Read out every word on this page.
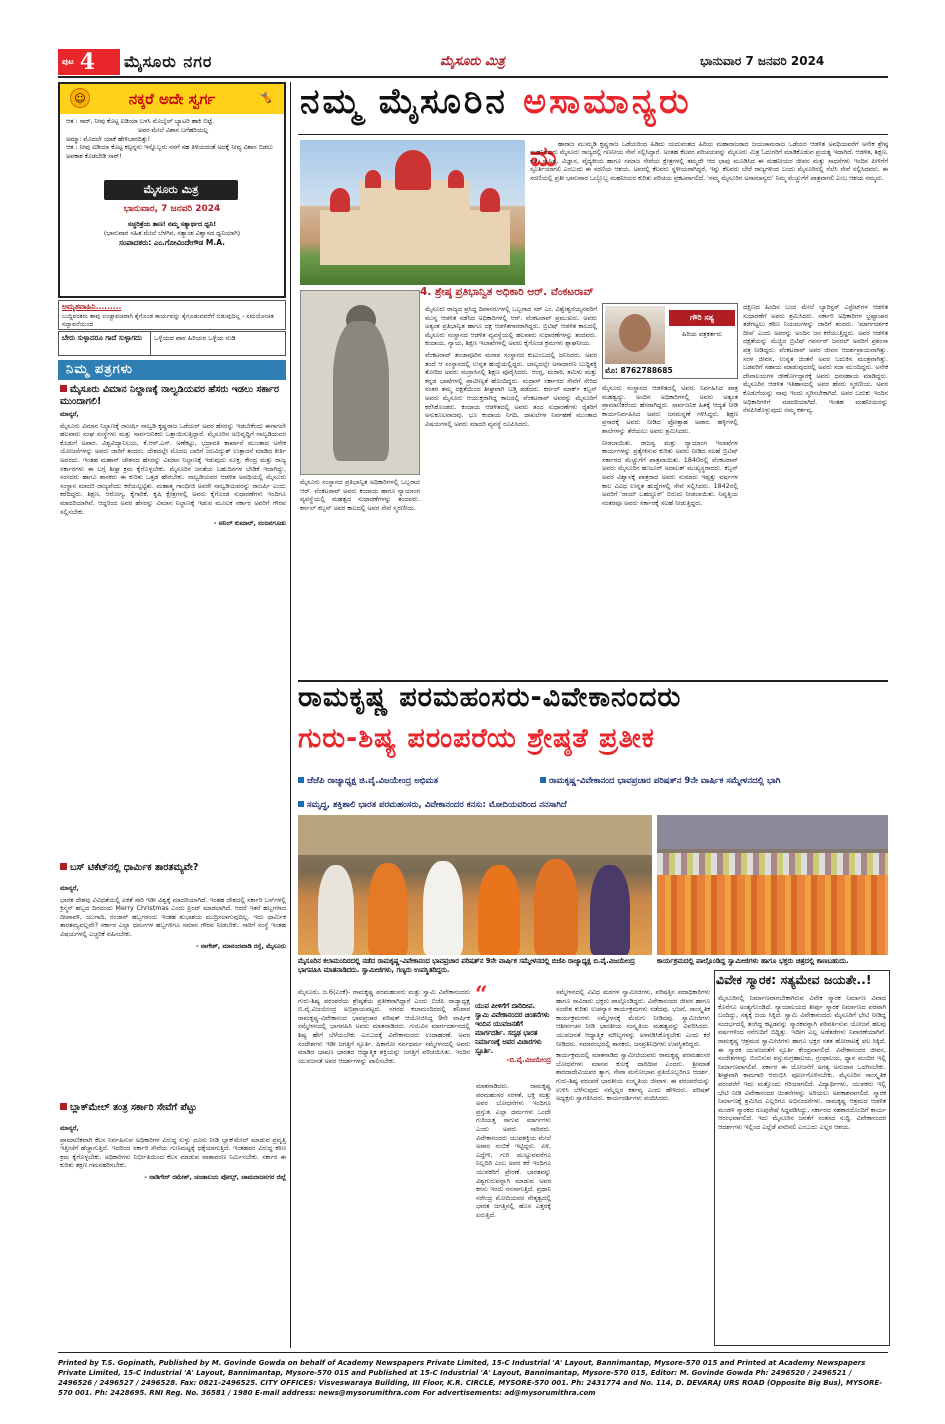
ಪುಟ 4 ಮೈಸೂರು ನಗರ	ಮೈಸೂರು ಮಿತ್ರ	ಭಾನುವಾರ 7 ಜನವರಿ 2024
ನಕ್ಕರೆ ಅದೇ ಸ್ವರ್ಗ
☺	🤸
ಆತ : ಸಾರ್, ನೀವು ಕೊಟ್ಟ ಐಡಿಯಾ ಬಳಸಿ ಮೊಬೈಲ್ ಬ್ಯಾಟರಿ ಹಾಕಿ ಬಿಟ್ಟೆ.
ಅವರ ಮೇಲೆ ವಿಶಾಸ ಬಗೆಹರಿಯಲ್ಲ
ಅಮ್ಮಾ: ಮೊದಲೇ ಯಾಕೆ ಹೇಳಿಬಾರದಿತ್ತು!
ಆತ : ನೀವು ಐಡಿಯಾ ಕೊಟ್ಟ ಕಲ್ಪನ್ನನು ಇನ್ನೊಬ್ಬರು ನನಗೆ ಸಹ ತಿಳಿಯದಂತೆ ಅದಕ್ಕೆ ನೀವ್ಯ ವಿಶಾಸ ಬಿಡಲು ಅವಕಾಶ ಕೊಡಬೇಡಿ ಸಾರ್!
ಮೈಸೂರು ಮಿತ್ರ
ಭಾನುವಾರ, 7 ಜನವರಿ 2024
ಸಚ್ಚರಿತ್ರೆಯ ತಾಣ! ನಮ್ಮ ಸತ್ಯಾರ್ಥದ ಧ್ವನಿ!
(ಭಾನುವಾರ ಸಹಿತ ಮೇಲೆ ಬೆಳಗಿನ, ಸತ್ಯಾಂಶ ವಿಶ್ವಾಸದ ಧ್ವನಿಯಾಗಿ)
ಸಂಪಾದಕರು: ಎಂ.ಗೋವಿಂದೇಗೌಡ M.A.
ಅಮೃತವಾಹಿನಿ.........
ಬುದ್ದಿವಂತರು ತಾವು ಉಚ್ಚಾವಚವಾಗಿ ಕೈಗೊಂಡ ಕಾರ್ಯವನ್ನು ಕೈಗೂಡುವವರೆಗೆ ಬಿಡುವುದಿಲ್ಲ - ಸಮಯೋಚಿತ ಸದ್ಭಾವನೆಯಿಂದ
ಬೇರು ಸುಳ್ಳಾದರೂ ಗಾದೆ ಸುಳ್ಳಾಗದು	ಒಳ್ಳೆಯದ ಪಾಠ ಹಿರಿಯರ ಒಳ್ಳೆಯ ನುಡಿ
ನಿಮ್ಮ ಪತ್ರಗಳು
ಮೈಸೂರು ವಿಮಾನ ನಿಲ್ದಾಣಕ್ಕೆ ನಾಲ್ವಡಿಯವರ ಹೆಸರು ಇಡಲು ಸರ್ಕಾರ ಮುಂದಾಗಲಿ!

ಮಾನ್ಯರೆ,

ಮೈಸೂರು ವಿಮಾನ ನಿಲ್ದಾಣಕ್ಕೆ ರಾಜರ್ಷಿ ನಾಲ್ವಡಿ ಕೃಷ್ಣರಾಜ ಒಡೆಯರ್ ಅವರ ಹೆಸರನ್ನು ಇಡಬೇಕೆಂದು ಈಗಾಗಲೇ ಹಲವಾರು ಸಂಘ ಸಂಸ್ಥೆಗಳು ಮತ್ತು ಸಾರ್ವಜನಿಕರು ಒತ್ತಾಯಿಸುತ್ತಿದ್ದಾರೆ. ಮೈಸೂರಿನ ಅಭಿವೃದ್ಧಿಗೆ ನಾಲ್ವಡಿಯವರ ಕೊಡುಗೆ ಅಪಾರ. ವಿಶ್ವವಿದ್ಯಾನಿಲಯ, ಕೆ.ಆರ್.ಎಸ್. ಅಣೆಕಟ್ಟು, ಭದ್ರಾವತಿ ಕಾರ್ಖಾನೆ ಮುಂತಾದ ಅನೇಕ ಯೋಜನೆಗಳನ್ನು ಅವರು ಜಾರಿಗೆ ತಂದರು. ದೇಶದಲ್ಲೇ ಮೊದಲ ಬಾರಿಗೆ ಜಲವಿದ್ಯುತ್ ಉತ್ಪಾದನೆ ಮಾಡಿದ ಕೀರ್ತಿ ಅವರದು. ಇಂತಹ ಮಹಾನ್ ಚೇತನದ ಹೆಸರನ್ನು ವಿಮಾನ ನಿಲ್ದಾಣಕ್ಕೆ ಇಡುವುದು ಸೂಕ್ತ. ಕೇಂದ್ರ ಮತ್ತು ರಾಜ್ಯ ಸರ್ಕಾರಗಳು ಈ ಬಗ್ಗೆ ಶೀಘ್ರ ಕ್ರಮ ಕೈಗೊಳ್ಳಬೇಕು. ಮೈಸೂರಿನ ಜನತೆಯ ಬಹುದಿನಗಳ ಬೇಡಿಕೆ ಇದಾಗಿದ್ದು, ಸಂಸದರು ಹಾಗೂ ಶಾಸಕರು ಈ ಕುರಿತು ಒತ್ತಡ ಹೇರಬೇಕು. ನಾಲ್ವಡಿಯವರ ಆಡಳಿತ ಅವಧಿಯಲ್ಲಿ ಮೈಸೂರು ಸಂಸ್ಥಾನ ಮಾದರಿ ರಾಜ್ಯವೆಂದು ಕರೆಯಲ್ಪಟ್ಟಿತು. ಮಹಾತ್ಮ ಗಾಂಧೀಜಿ ಅವರೇ ನಾಲ್ವಡಿಯವರನ್ನು ರಾಜರ್ಷಿ ಎಂದು ಕರೆದಿದ್ದರು. ಶಿಕ್ಷಣ, ಆರೋಗ್ಯ, ಕೈಗಾರಿಕೆ, ಕೃಷಿ ಕ್ಷೇತ್ರಗಳಲ್ಲಿ ಅವರು ಕೈಗೊಂಡ ಸುಧಾರಣೆಗಳು ಇಂದಿಗೂ ಮಾದರಿಯಾಗಿವೆ. ಆದ್ದರಿಂದ ಅವರ ಹೆಸರನ್ನು ವಿಮಾನ ನಿಲ್ದಾಣಕ್ಕೆ ಇಡುವ ಮೂಲಕ ಸರ್ಕಾರ ಅವರಿಗೆ ಗೌರವ ಸಲ್ಲಿಸಬೇಕು.

- ಅನಿಲ್ ಕುಮಾರ್, ನಂಜನಗೂಡು

ಬಸ್ ಟಿಕೆಟ್‌ನಲ್ಲಿ ಧಾರ್ಮಿಕ ತಾರತಮ್ಯವೇ?

ಮಾನ್ಯರೆ,

ಭಾರತ ದೇಶವು ವಿವಿಧತೆಯಲ್ಲಿ ಏಕತೆ ಸಾರಿ ಇಡೀ ವಿಶ್ವಕ್ಕೆ ಮಾದರಿಯಾಗಿದೆ. ಇಂತಹ ದೇಶದಲ್ಲಿ ಸರ್ಕಾರಿ ಬಸ್‌ಗಳಲ್ಲಿ ಕ್ರಿಸ್ಮಸ್ ಹಬ್ಬದ ದಿನದಂದು Merry Christmas ಎಂದು ಪ್ರಿಂಟ್ ಮಾಡಲಾಗಿದೆ. ಆದರೆ ಇತರೆ ಹಬ್ಬಗಳಾದ ದೀಪಾವಳಿ, ಯುಗಾದಿ, ರಂಜಾನ್ ಹಬ್ಬಗಳಂದು ಇಂತಹ ಶುಭಾಶಯ ಮುದ್ರಿಸಲಾಗುವುದಿಲ್ಲ. ಇದು ಧಾರ್ಮಿಕ ತಾರತಮ್ಯವಲ್ಲವೇ? ಸರ್ಕಾರ ಎಲ್ಲಾ ಧರ್ಮಗಳ ಹಬ್ಬಗಳಿಗೂ ಸಮಾನ ಗೌರವ ನೀಡಬೇಕು. ಸಾರಿಗೆ ಸಂಸ್ಥೆ ಇಂತಹ ವಿಷಯಗಳಲ್ಲಿ ಎಚ್ಚರಿಕೆ ವಹಿಸಬೇಕು.

- ನಾಗೇಶ್, ಮಾನಂದವಾಡಿ ರಸ್ತೆ, ಮೈಸೂರು

ಬ್ಲಾಕ್‌ಮೇಲ್ ತಂತ್ರ ಸರ್ಕಾರಿ ಸೇವೆಗೆ ಪೆಟ್ಟು

ಮಾನ್ಯರೆ,

ಪ್ರಾಮಾಣಿಕವಾಗಿ ಕೆಲಸ ನಿರ್ವಹಿಸುವ ಅಧಿಕಾರಿಗಳ ವಿರುದ್ಧ ಸುಳ್ಳು ದೂರು ನೀಡಿ ಬ್ಲಾಕ್‌ಮೇಲ್ ಮಾಡುವ ಪ್ರವೃತ್ತಿ ಇತ್ತೀಚೆಗೆ ಹೆಚ್ಚಾಗುತ್ತಿದೆ. ಇದರಿಂದ ಸರ್ಕಾರಿ ಸೇವೆಯ ಗುಣಮಟ್ಟಕ್ಕೆ ಧಕ್ಕೆಯಾಗುತ್ತಿದೆ. ಇಂತಹವರ ವಿರುದ್ಧ ಕಠಿಣ ಕ್ರಮ ಕೈಗೊಳ್ಳಬೇಕು. ಅಧಿಕಾರಿಗಳು ನಿರ್ಭೀತಿಯಿಂದ ಕೆಲಸ ಮಾಡುವ ವಾತಾವರಣ ನಿರ್ಮಿಸಬೇಕು. ಸರ್ಕಾರ ಈ ಕುರಿತು ತಕ್ಷಣ ಗಮನಹರಿಸಬೇಕು.

- ನಾಡಿಗೇರ್ ರಮೇಶ್, ಚಂಡಾಲಯ ಪೋಲ್ಸ್, ಚಾಮರಾಜನಗರ ಜಿಲ್ಲೆ

ನಮ್ಮ ಮೈಸೂರಿನ ಅಸಾಮಾನ್ಯರು
ಮ ಹಾರಾಜ ಮುಮ್ಮಡಿ ಕೃಷ್ಣರಾಜ ಒಡೆಯರಿಂದ ಹಿಡಿದು ಯದುವಂಶದ ಹಿರಿಯ ಮಹಾರಾಜರಾದ ಜಯಚಾಮರಾಜ ಒಡೆಯರ ಆಡಳಿತ ಅವಧಿಯವರೆಗೆ ಅನೇಕ ಶ್ರೇಷ್ಠ ಮಹನೀಯರು ಮೈಸೂರು ರಾಜ್ಯದಲ್ಲಿ ಗಣನೀಯ ಸೇವೆ ಸಲ್ಲಿಸಿದ್ದಾರೆ. ಅಂತಹ ಕೆಲವರ ಪರಿಚಯವನ್ನು ಮೈಸೂರು ಮಿತ್ರ ಓದುಗರಿಗೆ ಮಾಡಿಕೊಡುವ ಪ್ರಯತ್ನ ಇದಾಗಿದೆ. ಆಡಳಿತ, ಶಿಕ್ಷಣ, ಕಲೆ, ಸಾಹಿತ್ಯ, ವಿಜ್ಞಾನ, ವೈದ್ಯಕೀಯ ಹಾಗೂ ಸಮಾಜ ಸೇವೆಯ ಕ್ಷೇತ್ರಗಳಲ್ಲಿ ತಮ್ಮದೇ ಆದ ಛಾಪು ಮೂಡಿಸಿದ ಈ ಮಹನೀಯರ ಜೀವನ ಮತ್ತು ಸಾಧನೆಗಳು ಇಂದಿನ ಪೀಳಿಗೆಗೆ ಸ್ಫೂರ್ತಿಯಾಗಲಿ ಎಂಬುದು ಈ ಸರಣಿಯ ಆಶಯ. ಅವರಲ್ಲಿ ಕೆಲವರು ಸ್ಥಳೀಯರಾಗಿದ್ದರೆ, ಇನ್ನು ಕೆಲವರು ಬೇರೆ ರಾಜ್ಯಗಳಿಂದ ಬಂದು ಮೈಸೂರಿನಲ್ಲಿ ನೆಲೆಸಿ ಸೇವೆ ಸಲ್ಲಿಸಿದವರು. ಈ ಸರಣಿಯಲ್ಲಿ ಪ್ರತೀ ಭಾನುವಾರ ಒಬ್ಬೊಬ್ಬ ಮಹನೀಯರ ಕುರಿತು ಪರಿಚಯ ಪ್ರಕಟವಾಗಲಿದೆ. 'ನಮ್ಮ ಮೈಸೂರಿನ ಅಸಾಮಾನ್ಯರು' ನಿಮ್ಮ ಮೆಚ್ಚುಗೆಗೆ ಪಾತ್ರವಾಗಲಿ ಎಂಬ ಆಶಯ ನಮ್ಮದು.
4. ಶ್ರೇಷ್ಠ ಪ್ರತಿಭಾನ್ವಿತ ಅಧಿಕಾರಿ ಆರ್. ವೆಂಕಟರಾವ್
ಮೈಸೂರು ಸಂಸ್ಥಾನದ ಪ್ರತಿಭಾನ್ವಿತ ಅಧಿಕಾರಿಗಳಲ್ಲಿ ಒಬ್ಬರಾದ ಆರ್. ವೆಂಕಟರಾವ್ ಅವರು ಕಂದಾಯ ಹಾಗೂ ನ್ಯಾಯಾಂಗ ವ್ಯವಸ್ಥೆಯಲ್ಲಿ ಮಹತ್ವದ ಸುಧಾರಣೆಗಳನ್ನು ತಂದವರು. ಕರ್ನಲ್ ಕಬ್ಬನ್ ಅವರ ಕಾಲದಲ್ಲಿ ಅವರ ಸೇವೆ ಸ್ಮರಣೀಯ.

ಮೈಸೂರು ರಾಜ್ಯದ ಪ್ರಸಿದ್ಧ ದಿವಾನರುಗಳಲ್ಲಿ ಒಬ್ಬರಾದ ಸರ್ ಎಂ. ವಿಶ್ವೇಶ್ವರಯ್ಯನವರಿಗೆ ಮುನ್ನ ಆಡಳಿತ ನಡೆಸಿದ ಅಧಿಕಾರಿಗಳಲ್ಲಿ ಆರ್. ವೆಂಕಟರಾವ್ ಪ್ರಮುಖರು. ಅವರು ಅತ್ಯಂತ ಪ್ರತಿಭಾನ್ವಿತ ಹಾಗೂ ದಕ್ಷ ಆಡಳಿತಗಾರರಾಗಿದ್ದರು. ಬ್ರಿಟಿಷ್ ಆಡಳಿತ ಕಾಲದಲ್ಲಿ ಮೈಸೂರು ಸಂಸ್ಥಾನದ ಆಡಳಿತ ವ್ಯವಸ್ಥೆಯಲ್ಲಿ ಹಲವಾರು ಸುಧಾರಣೆಗಳನ್ನು ತಂದವರು. ಕಂದಾಯ, ನ್ಯಾಯ, ಶಿಕ್ಷಣ ಇಲಾಖೆಗಳಲ್ಲಿ ಅವರು ಕೈಗೊಂಡ ಕ್ರಮಗಳು ಶ್ಲಾಘನೀಯ.

ವೆಂಕಟರಾವ್ ತಂಜಾವೂರಿನ ಮರಾಠ ಸಂಸ್ಥಾನದ ಕುಟುಂಬದಲ್ಲಿ ಜನಿಸಿದರು. ಅವರ ತಂದೆ ಆ ಸಂಸ್ಥಾನದಲ್ಲಿ ಉನ್ನತ ಹುದ್ದೆಯಲ್ಲಿದ್ದರು. ಬಾಲ್ಯದಲ್ಲೇ ಅಸಾಧಾರಣ ಬುದ್ಧಿಶಕ್ತಿ ತೋರಿದ ಅವರು ಮದ್ರಾಸಿನಲ್ಲಿ ಶಿಕ್ಷಣ ಪೂರೈಸಿದರು. ಆಂಗ್ಲ, ಮರಾಠಿ, ತಮಿಳು ಮತ್ತು ಕನ್ನಡ ಭಾಷೆಗಳಲ್ಲಿ ಪ್ರಾವೀಣ್ಯತೆ ಹೊಂದಿದ್ದರು. ಮದ್ರಾಸ್ ಸರ್ಕಾರದ ಸೇವೆಗೆ ಸೇರಿದ ನಂತರ ತಮ್ಮ ದಕ್ಷತೆಯಿಂದ ಶೀಘ್ರವಾಗಿ ಬಡ್ತಿ ಪಡೆದರು. ಕರ್ನಲ್ ಮಾರ್ಕ್ ಕಬ್ಬನ್ ಅವರು ಮೈಸೂರು ಆಯುಕ್ತರಾಗಿದ್ದ ಕಾಲದಲ್ಲಿ ವೆಂಕಟರಾವ್ ಅವರನ್ನು ಮೈಸೂರಿಗೆ ಕರೆಸಿಕೊಂಡರು. ಕಂದಾಯ ಆಡಳಿತದಲ್ಲಿ ಅವರು ತಂದ ಸುಧಾರಣೆಗಳು ರೈತರಿಗೆ ಅನುಕೂಲವಾದವು. ಭೂ ಕಂದಾಯ ನಿಗದಿ, ದಾಖಲೆಗಳ ನಿರ್ವಹಣೆ ಮುಂತಾದ ವಿಷಯಗಳಲ್ಲಿ ಅವರು ಮಾದರಿ ವ್ಯವಸ್ಥೆ ರೂಪಿಸಿದರು.

ಗೌರಿ ಸತ್ಯ
ಹಿರಿಯ ಪತ್ರಕರ್ತರು
ಮೊ: 8762788685

ಮೈಸೂರು ಸಂಸ್ಥಾನದ ಆಡಳಿತದಲ್ಲಿ ಅವರು ನಿರ್ವಹಿಸಿದ ಪಾತ್ರ ಮಹತ್ವದ್ದು. ಅಂದಿನ ಅಧಿಕಾರಿಗಳಲ್ಲಿ ಅವರು ಅತ್ಯಂತ ಪ್ರಾಮಾಣಿಕರೆಂದು ಹೆಸರಾಗಿದ್ದರು. ಸಾರ್ವಜನಿಕ ಹಿತಕ್ಕೆ ಆದ್ಯತೆ ನೀಡಿ ಕಾರ್ಯನಿರ್ವಹಿಸಿದ ಅವರು ಜನಮನ್ನಣೆ ಗಳಿಸಿದ್ದರು. ಶಿಕ್ಷಣ ಪ್ರಸಾರಕ್ಕೆ ಅವರು ನೀಡಿದ ಪ್ರೋತ್ಸಾಹ ಅಪಾರ. ಹಳ್ಳಿಗಳಲ್ಲಿ ಶಾಲೆಗಳನ್ನು ತೆರೆಯಲು ಅವರು ಶ್ರಮಿಸಿದರು.

ನೀಡಲಾಯಿತು. ರಾಜಸ್ವ ಮತ್ತು ನ್ಯಾಯಾಂಗ ಇಲಾಖೆಗಳ ಕಾರ್ಯಗಳನ್ನು ಪ್ರತ್ಯೇಕಿಸುವ ಕುರಿತು ಅವರು ನೀಡಿದ ಸಲಹೆ ಬ್ರಿಟಿಷ್ ಸರ್ಕಾರದ ಮೆಚ್ಚುಗೆಗೆ ಪಾತ್ರವಾಯಿತು. 1840ರಲ್ಲಿ ವೆಂಕಟರಾವ್ ಅವರು ಮೈಸೂರಿನ ಹುಜೂರ್ ಅದಾಲತ್ ಮುಖ್ಯಸ್ಥರಾದರು. ಕಬ್ಬನ್ ಅವರ ವಿಶ್ವಾಸಕ್ಕೆ ಪಾತ್ರರಾದ ಅವರು ಸುಮಾರು ಇಪ್ಪತ್ತು ವರ್ಷಗಳ ಕಾಲ ವಿವಿಧ ಉನ್ನತ ಹುದ್ದೆಗಳಲ್ಲಿ ಸೇವೆ ಸಲ್ಲಿಸಿದರು. 1842ರಲ್ಲಿ ಅವರಿಗೆ 'ರಾಯ್ ಬಹದ್ದೂರ್' ಬಿರುದು ನೀಡಲಾಯಿತು. ನಿವೃತ್ತಿಯ ನಂತರವೂ ಅವರು ಸರ್ಕಾರಕ್ಕೆ ಸಲಹೆ ನೀಡುತ್ತಿದ್ದರು.

ದಕ್ಷಿಣದ ಹಿಂದಿನ ಬಂದ ಮೇಲೆ ಬ್ಯಾರಿಸ್ಟರ್ ಎಸ್ಟೇಟ್‌ಗಳ ಆಡಳಿತ ಸುಧಾರಣೆಗೆ ಅವರು ಶ್ರಮಿಸಿದರು. ಸರ್ಕಾರಿ ಅಧಿಕಾರಿಗಳ ಭ್ರಷ್ಟಾಚಾರ ತಡೆಗಟ್ಟಲು ಕಠಿಣ ನಿಯಮಗಳನ್ನು ಜಾರಿಗೆ ತಂದರು. 'ಮಾರ್ಗದರ್ಶಕ ದೀಪ' ಎಂದು ಅವರನ್ನು ಅಂದಿನ ಜನ ಕರೆಯುತ್ತಿದ್ದರು. ಅವರ ಆಡಳಿತ ದಕ್ಷತೆಯನ್ನು ಮೆಚ್ಚಿದ ಬ್ರಿಟಿಷ್ ಗವರ್ನರ್ ಜನರಲ್ ಅವರಿಗೆ ಪ್ರಶಂಸಾ ಪತ್ರ ನೀಡಿದ್ದರು. ವೆಂಕಟರಾವ್ ಅವರ ಜೀವನ ಆದರ್ಶಪ್ರಾಯವಾಗಿತ್ತು. ಸರಳ ಜೀವನ, ಉನ್ನತ ಚಿಂತನೆ ಅವರ ಬದುಕಿನ ಮಂತ್ರವಾಗಿತ್ತು. ಬಡವರಿಗೆ ಸಹಾಯ ಮಾಡುವುದರಲ್ಲಿ ಅವರು ಸದಾ ಮುಂದಿದ್ದರು. ಅನೇಕ ದೇವಾಲಯಗಳ ಜೀರ್ಣೋದ್ಧಾರಕ್ಕೆ ಅವರು ಧನಸಹಾಯ ಮಾಡಿದ್ದರು. ಮೈಸೂರಿನ ಆಡಳಿತ ಇತಿಹಾಸದಲ್ಲಿ ಅವರ ಹೆಸರು ಸ್ಮರಣೀಯ. ಅವರ ಕೊಡುಗೆಯನ್ನು ನಾವು ಇಂದು ಸ್ಮರಿಸಬೇಕಾಗಿದೆ. ಅವರ ಬದುಕು ಇಂದಿನ ಅಧಿಕಾರಿಗಳಿಗೆ ಮಾದರಿಯಾಗಿದೆ. ಇಂತಹ ಮಹನೀಯರನ್ನು ನೆನಪಿಸಿಕೊಳ್ಳುವುದು ನಮ್ಮ ಕರ್ತವ್ಯ.
ರಾಮಕೃಷ್ಣ ಪರಮಹಂಸರು-ವಿವೇಕಾನಂದರು
ಗುರು-ಶಿಷ್ಯ ಪರಂಪರೆಯ ಶ್ರೇಷ್ಠತೆ ಪ್ರತೀಕ
ಜೆಜೆಪಿ ರಾಜ್ಯಾಧ್ಯಕ್ಷ ಜಿ.ವೈ.ವಿಜಯೇಂದ್ರ ಅಭಿಮತ	ರಾಮಕೃಷ್ಣ-ವಿವೇಕಾನಂದ ಭಾವಪ್ರಚಾರ ಪರಿಷತ್‌ನ 9ನೇ ವಾರ್ಷಿಕ ಸಮ್ಮೇಳನದಲ್ಲಿ ಭಾಗಿ
ಸಮೃದ್ಧ, ಶಕ್ತಿಶಾಲಿ ಭಾರತ ಪರಮಹಂಸರು, ವಿವೇಕಾನಂದರ ಕನಸು: ಮೋದಿಯವರಿಂದ ನನಸಾಗಿದೆ
ಮೈಸೂರಿನ ಕಲಾಮಂದಿರದಲ್ಲಿ ನಡೆದ ರಾಮಕೃಷ್ಣ-ವಿವೇಕಾನಂದ ಭಾವಪ್ರಚಾರ ಪರಿಷತ್‌ನ 9ನೇ ವಾರ್ಷಿಕ ಸಮ್ಮೇಳನದಲ್ಲಿ ಬಿಜೆಪಿ ರಾಜ್ಯಾಧ್ಯಕ್ಷ ಬಿ.ವೈ.ವಿಜಯೇಂದ್ರ ಭಾಗವಹಿಸಿ ಮಾತನಾಡಿದರು. ಸ್ವಾಮೀಜಿಗಳು, ಗಣ್ಯರು ಉಪಸ್ಥಿತರಿದ್ದರು.
ಕಾರ್ಯಕ್ರಮದಲ್ಲಿ ಪಾಲ್ಗೊಂಡಿದ್ದ ಸ್ವಾಮೀಜಿಗಳು ಹಾಗೂ ಭಕ್ತರು ಚಿತ್ರದಲ್ಲಿ ಕಾಣಬಹುದು.
ಮೈಸೂರು, ಜ.6(ಎಂಕೆ)- ರಾಮಕೃಷ್ಣ ಪರಮಹಂಸರು ಮತ್ತು ಸ್ವಾಮಿ ವಿವೇಕಾನಂದರು ಗುರು-ಶಿಷ್ಯ ಪರಂಪರೆಯ ಶ್ರೇಷ್ಠತೆಯ ಪ್ರತೀಕವಾಗಿದ್ದಾರೆ ಎಂದು ಬಿಜೆಪಿ ರಾಜ್ಯಾಧ್ಯಕ್ಷ ಬಿ.ವೈ.ವಿಜಯೇಂದ್ರ ಅಭಿಪ್ರಾಯಪಟ್ಟರು. ನಗರದ ಕಲಾಮಂದಿರದಲ್ಲಿ ಶನಿವಾರ ರಾಮಕೃಷ್ಣ-ವಿವೇಕಾನಂದ ಭಾವಪ್ರಚಾರ ಪರಿಷತ್ ಆಯೋಜಿಸಿದ್ದ 9ನೇ ವಾರ್ಷಿಕ ಸಮ್ಮೇಳನದಲ್ಲಿ ಭಾಗವಹಿಸಿ ಅವರು ಮಾತನಾಡಿದರು. ಗುರುವಿನ ಮಾರ್ಗದರ್ಶನದಲ್ಲಿ ಶಿಷ್ಯ ಹೇಗೆ ಬೆಳೆಯಬೇಕು ಎಂಬುದಕ್ಕೆ ವಿವೇಕಾನಂದರು ಉದಾಹರಣೆ. ಅವರ ಸಂದೇಶಗಳು ಇಡೀ ಜಗತ್ತಿಗೆ ಸ್ಫೂರ್ತಿ. ಷಿಕಾಗೋ ಸರ್ವಧರ್ಮ ಸಮ್ಮೇಳನದಲ್ಲಿ ಅವರು ಮಾಡಿದ ಭಾಷಣ ಭಾರತದ ಆಧ್ಯಾತ್ಮಿಕ ಶಕ್ತಿಯನ್ನು ಜಗತ್ತಿಗೆ ಪರಿಚಯಿಸಿತು. ಇಂದಿನ ಯುವಜನತೆ ಅವರ ಆದರ್ಶಗಳನ್ನು ಪಾಲಿಸಬೇಕು.
“
ಯುವ ಪೀಳಿಗೆಗೆ ದಾರಿದೀಪ. ಸ್ವಾಮಿ ವಿವೇಕಾನಂದರ ಚಿಂತನೆಗಳು ಇಂದಿನ ಯುವಜನತೆಗೆ ಮಾರ್ಗದರ್ಶಿ. ಸದೃಢ ಭಾರತ ನಿರ್ಮಾಣಕ್ಕೆ ಅವರ ವಿಚಾರಗಳು ಸ್ಫೂರ್ತಿ.
-ಬಿ.ವೈ.ವಿಜಯೇಂದ್ರ
ಮಾತನಾಡಿದರು. ರಾಮಕೃಷ್ಣ ಪರಮಹಂಸರ ಸರಳತೆ, ಭಕ್ತಿ ಮತ್ತು ಅವರ ಬೋಧನೆಗಳು ಇಂದಿಗೂ ಪ್ರಸ್ತುತ. ಎಲ್ಲಾ ಧರ್ಮಗಳು ಒಂದೇ ಗುರಿಯತ್ತ ಸಾಗುವ ಮಾರ್ಗಗಳು ಎಂದು ಅವರು ಸಾರಿದರು. ವಿವೇಕಾನಂದರು ಯುವಶಕ್ತಿಯ ಮೇಲೆ ಅಪಾರ ನಂಬಿಕೆ ಇಟ್ಟಿದ್ದರು. ಏಳಿ, ಎದ್ದೇಳಿ, ಗುರಿ ಮುಟ್ಟುವವರೆಗೂ ನಿಲ್ಲದಿರಿ ಎಂಬ ಅವರ ಕರೆ ಇಂದಿಗೂ ಯುವಕರಿಗೆ ಪ್ರೇರಣೆ. ಭಾರತವನ್ನು ವಿಶ್ವಗುರುವನ್ನಾಗಿ ಮಾಡುವ ಅವರ ಕನಸು ಇಂದು ನನಸಾಗುತ್ತಿದೆ. ಪ್ರಧಾನಿ ನರೇಂದ್ರ ಮೋದಿಯವರ ನೇತೃತ್ವದಲ್ಲಿ ಭಾರತ ಜಗತ್ತಿನಲ್ಲಿ ಹೊಸ ಎತ್ತರಕ್ಕೆ ಏರುತ್ತಿದೆ.

ಸಮ್ಮೇಳನದಲ್ಲಿ ವಿವಿಧ ಮಠಗಳ ಸ್ವಾಮೀಜಿಗಳು, ಪರಿಷತ್ತಿನ ಪದಾಧಿಕಾರಿಗಳು ಹಾಗೂ ಸಾವಿರಾರು ಭಕ್ತರು ಪಾಲ್ಗೊಂಡಿದ್ದರು. ವಿವೇಕಾನಂದರ ಜೀವನ ಹಾಗೂ ಸಂದೇಶ ಕುರಿತು ಉಪನ್ಯಾಸ ಕಾರ್ಯಕ್ರಮಗಳು ನಡೆದವು. ಭಜನೆ, ಸಾಂಸ್ಕೃತಿಕ ಕಾರ್ಯಕ್ರಮಗಳು ಸಮ್ಮೇಳನಕ್ಕೆ ಮೆರುಗು ನೀಡಿದವು. ಸ್ವಾಮೀಜಿಗಳು ಆಶೀರ್ವಚನ ನೀಡಿ ಭಾರತೀಯ ಸಂಸ್ಕೃತಿಯ ಮಹತ್ವವನ್ನು ವಿವರಿಸಿದರು. ಯುವಜನತೆ ಆಧ್ಯಾತ್ಮಿಕ ಮೌಲ್ಯಗಳನ್ನು ಅಳವಡಿಸಿಕೊಳ್ಳಬೇಕು ಎಂದು ಕರೆ ನೀಡಿದರು. ಸಮಾರಂಭದಲ್ಲಿ ಶಾಸಕರು, ಜನಪ್ರತಿನಿಧಿಗಳು ಉಪಸ್ಥಿತರಿದ್ದರು.

ಕಾರ್ಯಕ್ರಮದಲ್ಲಿ ಮಾತನಾಡಿದ ಸ್ವಾಮೀಜಿಯವರು ರಾಮಕೃಷ್ಣ ಪರಮಹಂಸರ ಬೋಧನೆಗಳು ಮಾನವ ಕುಲಕ್ಕೆ ದಾರಿದೀಪ ಎಂದರು. ಶ್ರೀಮಾತೆ ಶಾರದಾದೇವಿಯವರ ತ್ಯಾಗ, ಸೇವಾ ಮನೋಭಾವ ಪ್ರತಿಯೊಬ್ಬರಿಗೂ ಆದರ್ಶ. ಗುರು-ಶಿಷ್ಯ ಪರಂಪರೆ ಭಾರತೀಯ ಸಂಸ್ಕೃತಿಯ ಜೀವಾಳ. ಈ ಪರಂಪರೆಯನ್ನು ಉಳಿಸಿ ಬೆಳೆಸುವುದು ನಮ್ಮೆಲ್ಲರ ಕರ್ತವ್ಯ ಎಂದು ಹೇಳಿದರು. ಪರಿಷತ್ ಅಧ್ಯಕ್ಷರು ಸ್ವಾಗತಿಸಿದರು. ಕಾರ್ಯದರ್ಶಿಗಳು ವಂದಿಸಿದರು.

ವಿವೇಕ ಸ್ಮಾರಕ: ಸತ್ಯಮೇವ ಜಯತೇ..!
ಮೈಸೂರಿನಲ್ಲಿ ನಿರ್ಮಾಣವಾಗಬೇಕಾಗಿರುವ ವಿವೇಕ ಸ್ಮಾರಕ ನಿರ್ಮಾಣ ವಿವಾದ ಕೊನೆಗೂ ಅಂತ್ಯಗೊಂಡಿದೆ. ನ್ಯಾಯಾಲಯದ ತೀರ್ಪು ಸ್ಮಾರಕ ನಿರ್ಮಾಣದ ಪರವಾಗಿ ಬಂದಿದ್ದು, ಸತ್ಯಕ್ಕೆ ಜಯ ಸಿಕ್ಕಿದೆ. ಸ್ವಾಮಿ ವಿವೇಕಾನಂದರು ಮೈಸೂರಿಗೆ ಭೇಟಿ ನೀಡಿದ್ದ ಸಂದರ್ಭದಲ್ಲಿ ತಂಗಿದ್ದ ಕಟ್ಟಡವನ್ನು ಸ್ಮಾರಕವನ್ನಾಗಿ ಪರಿವರ್ತಿಸುವ ಯೋಜನೆ ಹಲವು ವರ್ಷಗಳಿಂದ ನನೆಗುದಿಗೆ ಬಿದ್ದಿತ್ತು. ಇದೀಗ ಎಲ್ಲ ಅಡೆತಡೆಗಳು ನಿವಾರಣೆಯಾಗಿವೆ. ರಾಮಕೃಷ್ಣ ಆಶ್ರಮದ ಸ್ವಾಮೀಜಿಗಳು ಹಾಗೂ ಭಕ್ತರ ಸತತ ಹೋರಾಟಕ್ಕೆ ಫಲ ಸಿಕ್ಕಿದೆ. ಈ ಸ್ಮಾರಕ ಯುವಜನತೆಗೆ ಸ್ಫೂರ್ತಿ ಕೇಂದ್ರವಾಗಲಿದೆ. ವಿವೇಕಾನಂದರ ಜೀವನ, ಸಂದೇಶಗಳನ್ನು ಬಿಂಬಿಸುವ ವಸ್ತುಸಂಗ್ರಹಾಲಯ, ಗ್ರಂಥಾಲಯ, ಧ್ಯಾನ ಮಂದಿರ ಇಲ್ಲಿ ನಿರ್ಮಾಣವಾಗಲಿವೆ. ಸರ್ಕಾರ ಈ ಯೋಜನೆಗೆ ಅಗತ್ಯ ಅನುದಾನ ಒದಗಿಸಬೇಕು. ಶೀಘ್ರವಾಗಿ ಕಾಮಗಾರಿ ಆರಂಭಿಸಿ ಪೂರ್ಣಗೊಳಿಸಬೇಕು. ಮೈಸೂರಿನ ಸಾಂಸ್ಕೃತಿಕ ಪರಂಪರೆಗೆ ಇದು ಮತ್ತೊಂದು ಗರಿಯಾಗಲಿದೆ. ವಿದ್ಯಾರ್ಥಿಗಳು, ಯುವಕರು ಇಲ್ಲಿ ಭೇಟಿ ನೀಡಿ ವಿವೇಕಾನಂದರ ಚಿಂತನೆಗಳನ್ನು ಅರಿಯಲು ಅವಕಾಶವಾಗಲಿದೆ. ಸ್ಮಾರಕ ನಿರ್ಮಾಣಕ್ಕೆ ಶ್ರಮಿಸಿದ ಎಲ್ಲರಿಗೂ ಅಭಿನಂದನೆಗಳು. ರಾಮಕೃಷ್ಣ ಆಶ್ರಮದ ಆಡಳಿತ ಮಂಡಳಿ ಸ್ಮಾರಕದ ರೂಪುರೇಷೆ ಸಿದ್ಧಪಡಿಸಿದ್ದು, ಸರ್ಕಾರದ ಸಹಕಾರದೊಂದಿಗೆ ಕಾರ್ಯ ಆರಂಭವಾಗಲಿದೆ. ಇದು ಮೈಸೂರಿನ ಜನತೆಗೆ ಸಂತಸದ ಸುದ್ದಿ. ವಿವೇಕಾನಂದರ ಆದರ್ಶಗಳು ಇಲ್ಲಿಂದ ಎಲ್ಲೆಡೆ ಪಸರಿಸಲಿ ಎಂಬುದು ಎಲ್ಲರ ಆಶಯ.
Printed by T.S. Gopinath, Published by M. Govinde Gowda on behalf of Academy Newspapers Private Limited, 15-C Industrial 'A' Layout, Bannimantap, Mysore-570 015 and Printed at Academy Newspapers Private Limited, 15-C Industrial 'A' Layout, Bannimantap, Mysore-570 015 and Published at 15-C Industrial 'A' Layout, Bannimantap, Mysore-570 015, Editor: M. Govinde Gowda Ph: 2496520 / 2496521 / 2496526 / 2496527 / 2496528. Fax: 0821-2496525. CITY OFFICES: Visveswaraya Building, III Floor, K.R. CIRCLE, MYSORE-570 001. Ph: 2431774 and No. 114, D. DEVARAJ URS ROAD (Opposite Big Bus), MYSORE-570 001. Ph: 2428695. RNI Reg. No. 36581 / 1980 E-mail address: news@mysorumithra.com For advertisements: ad@mysorumithra.com
